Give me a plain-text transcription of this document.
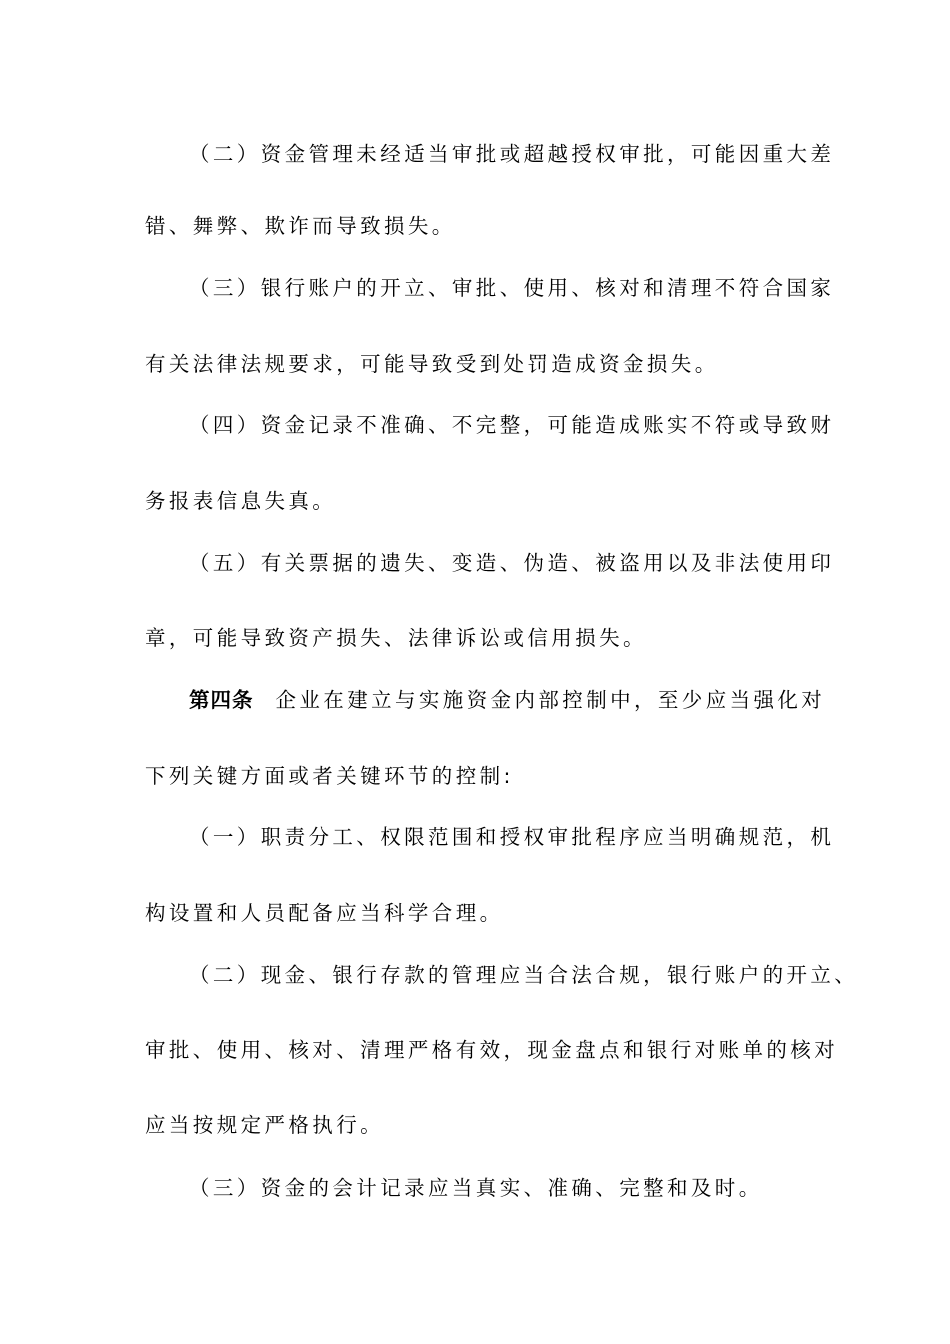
（二）资金管理未经适当审批或超越授权审批，可能因重大差
错、舞弊、欺诈而导致损失。
（三）银行账户的开立、审批、使用、核对和清理不符合国家
有关法律法规要求，可能导致受到处罚造成资金损失。
（四）资金记录不准确、不完整，可能造成账实不符或导致财
务报表信息失真。
（五）有关票据的遗失、变造、伪造、被盗用以及非法使用印
章，可能导致资产损失、法律诉讼或信用损失。
第四条 企业在建立与实施资金内部控制中，至少应当强化对
下列关键方面或者关键环节的控制:
（一）职责分工、权限范围和授权审批程序应当明确规范，机
构设置和人员配备应当科学合理。
（二）现金、银行存款的管理应当合法合规，银行账户的开立、
审批、使用、核对、清理严格有效，现金盘点和银行对账单的核对
应当按规定严格执行。
（三）资金的会计记录应当真实、准确、完整和及时。
